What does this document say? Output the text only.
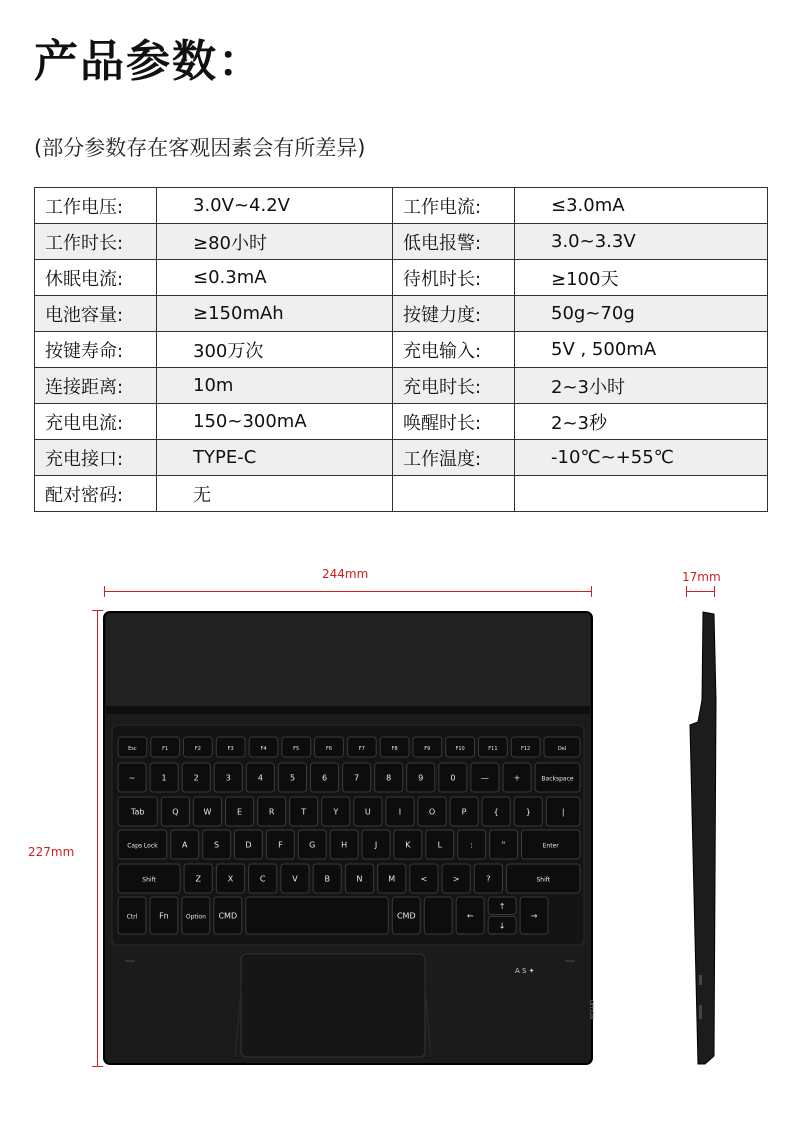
产品参数：
(部分参数存在客观因素会有所差异)
工作电压:	3.0V~4.2V	工作电流:	≤3.0mA
工作时长:	≥80小时	低电报警:	3.0~3.3V
休眠电流:	≤0.3mA	待机时长:	≥100天
电池容量:	≥150mAh	按键力度:	50g~70g
按键寿命:	300万次	充电输入:	5V , 500mA
连接距离:	10m	充电时长:	2~3小时
充电电流:	150~300mA	唤醒时长:	2~3秒
充电接口:	TYPE-C	工作温度:	-10℃~+55℃
配对密码:	无		
244mm
227mm
17mm
Esc	F1	F2	F3	F4	F5	F6	F7	F8	F9	F10	F11	F12	Del
~	1	2	3	4	5	6	7	8	9	0	—	+	Backspace
Tab	Q	W	E	R	T	Y	U	I	O	P	{	}	|
Caps Lock	A	S	D	F	G	H	J	K	L	:	"	Enter
Shift	Z	X	C	V	B	N	M	<	>	?	Shift
Ctrl	Fn	Option CMD	CMD	←
↑
↓
→
A S ✦
OFF/ON
